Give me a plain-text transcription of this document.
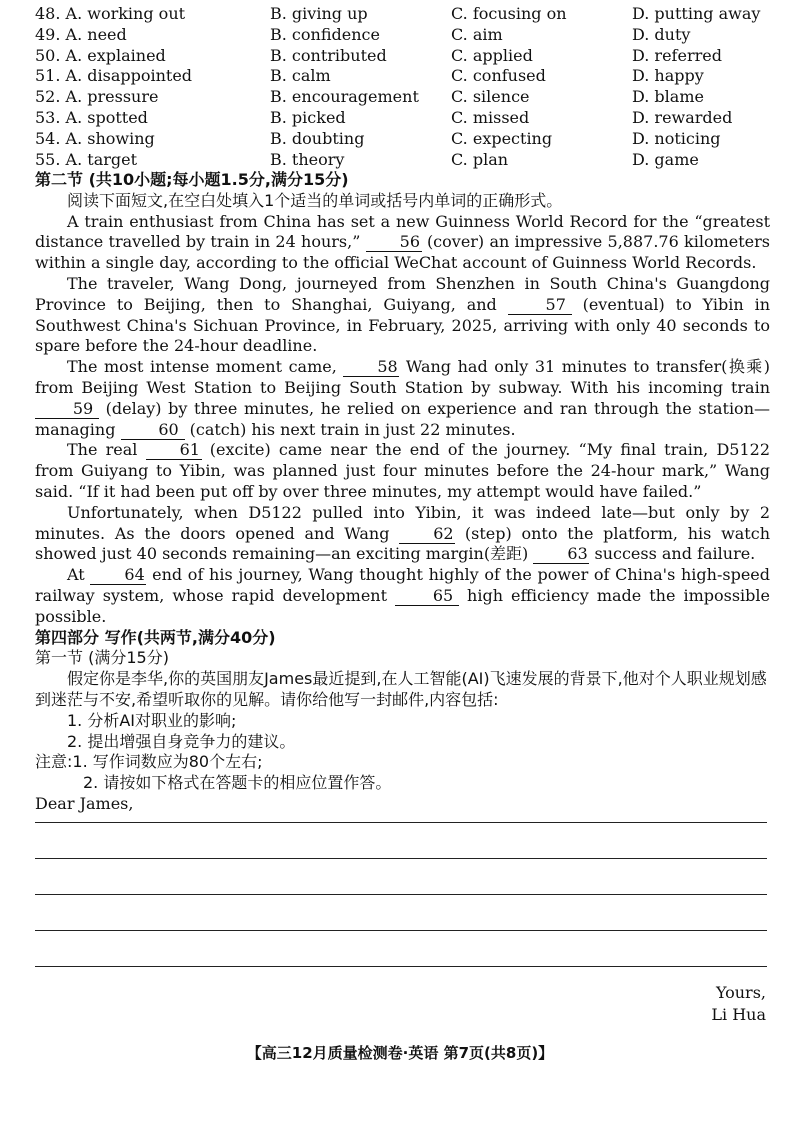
48. A. working out	B. giving up	C. focusing on	D. putting away
49. A. need	B. confidence	C. aim	D. duty
50. A. explained	B. contributed	C. applied	D. referred
51. A. disappointed	B. calm	C. confused	D. happy
52. A. pressure	B. encouragement	C. silence	D. blame
53. A. spotted	B. picked	C. missed	D. rewarded
54. A. showing	B. doubting	C. expecting	D. noticing
55. A. target	B. theory	C. plan	D. game

第二节 (共10小题;每小题1.5分,满分15分)

阅读下面短文,在空白处填入1个适当的单词或括号内单词的正确形式。

A train enthusiast from China has set a new Guinness World Record for the “greatest distance travelled by train in 24 hours,” 56 (cover) an impressive 5,887.76 kilometers within a single day, according to the official WeChat account of Guinness World Records.

The traveler, Wang Dong, journeyed from Shenzhen in South China's Guangdong Province to Beijing, then to Shanghai, Guiyang, and 57 (eventual) to Yibin in Southwest China's Sichuan Province, in February, 2025, arriving with only 40 seconds to spare before the 24-hour deadline.

The most intense moment came, 58 Wang had only 31 minutes to transfer(换乘) from Beijing West Station to Beijing South Station by subway. With his incoming train 59 (delay) by three minutes, he relied on experience and ran through the station—managing 60 (catch) his next train in just 22 minutes.

The real 61 (excite) came near the end of the journey. “My final train, D5122 from Guiyang to Yibin, was planned just four minutes before the 24-hour mark,” Wang said. “If it had been put off by over three minutes, my attempt would have failed.”

Unfortunately, when D5122 pulled into Yibin, it was indeed late—but only by 2 minutes. As the doors opened and Wang 62 (step) onto the platform, his watch showed just 40 seconds remaining—an exciting margin(差距) 63 success and failure.

At 64 end of his journey, Wang thought highly of the power of China's high-speed railway system, whose rapid development 65 high efficiency made the impossible possible.

第四部分 写作(共两节,满分40分)

第一节 (满分15分)

假定你是李华,你的英国朋友James最近提到,在人工智能(AI)飞速发展的背景下,他对个人职业规划感到迷茫与不安,希望听取你的见解。请你给他写一封邮件,内容包括:

1. 分析AI对职业的影响;

2. 提出增强自身竞争力的建议。

注意:1. 写作词数应为80个左右;

2. 请按如下格式在答题卡的相应位置作答。

Dear James,

Yours,
Li Hua
【高三12月质量检测卷·英语 第7页(共8页)】
